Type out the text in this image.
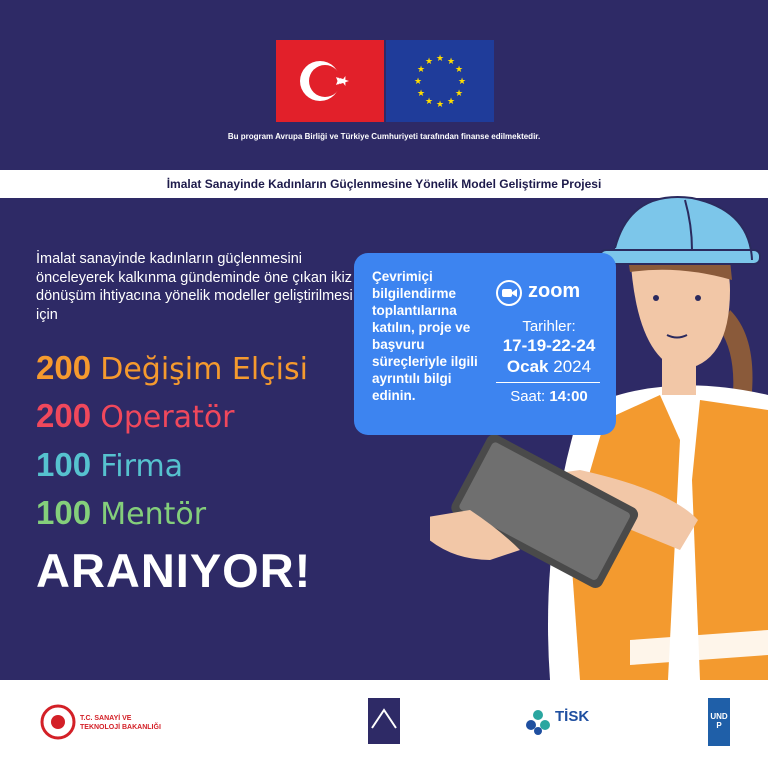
★ ★
★
★
★
★
★
★
★
★
★
★
Bu program Avrupa Birliği ve Türkiye Cumhuriyeti tarafından finanse edilmektedir.
İmalat Sanayinde Kadınların Güçlenmesine Yönelik Model Geliştirme Projesi
İmalat sanayinde kadınların güçlenmesini önceleyerek kalkınma gündeminde öne çıkan ikiz dönüşüm ihtiyacına yönelik modeller geliştirilmesi için
200 Değişim Elçisi
200 Operatör
100 Firma
100 Mentör
ARANIYOR!
Çevrimiçi bilgilendirme toplantılarına katılın, proje ve başvuru süreçleriyle ilgili ayrıntılı bilgi edinin.
zoom
Tarihler:
17-19-22-24
Ocak 2024
Saat: 14:00
T.C. SANAYİ VE TEKNOLOJİ BAKANLIĞI
TİSK	UNDP
